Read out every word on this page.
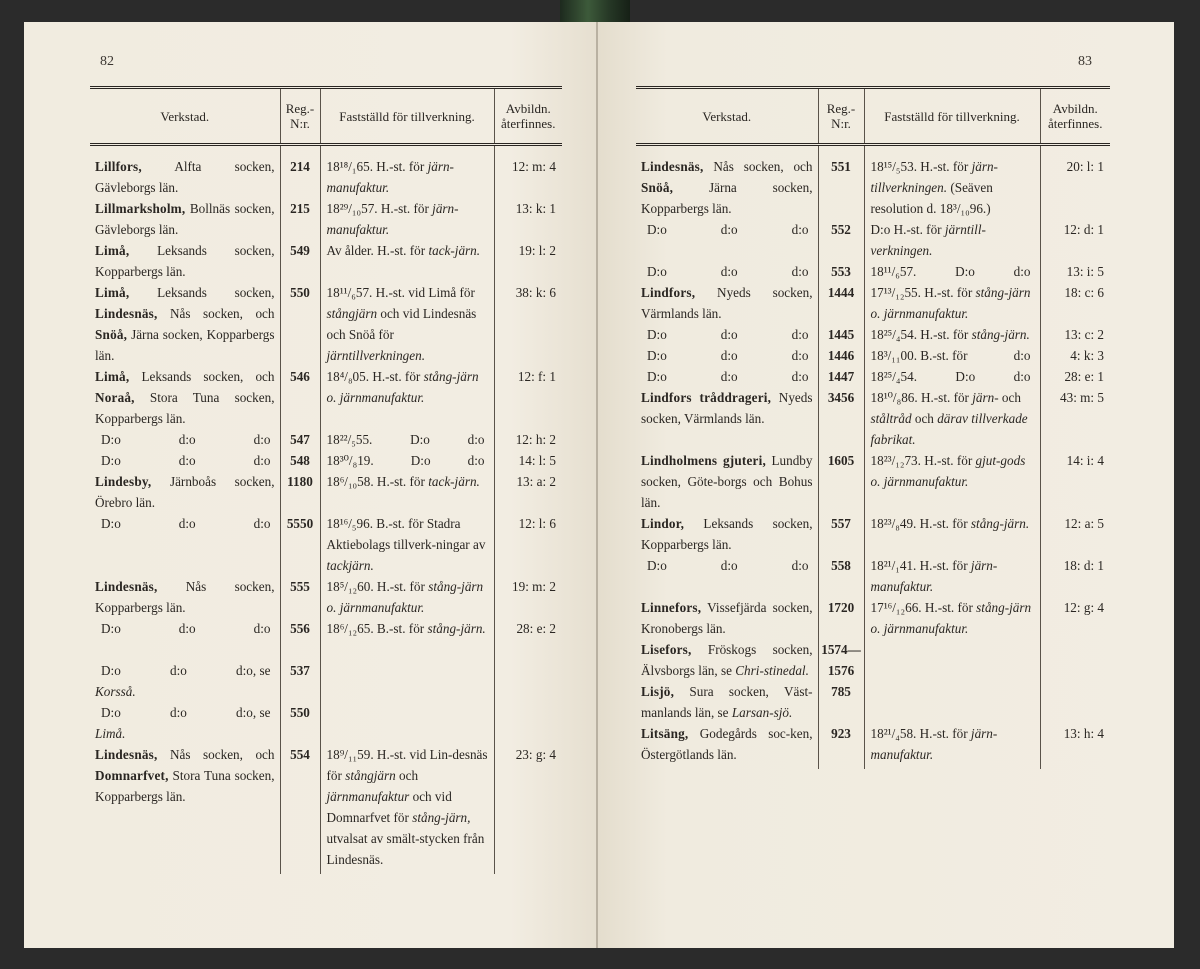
82
Verkstad.	Reg.-N:r.	Fastställd för tillverkning.	Avbildn. återfinnes.
Lillfors, Alfta socken, Gävleborgs län.	214	18¹⁸/₁65. H.-st. för järn-manufaktur.	12: m: 4
Lillmarksholm, Bollnäs socken, Gävleborgs län.	215	18²⁹/₁₀57. H.-st. för järn-manufaktur.	13: k: 1
Limå, Leksands socken, Kopparbergs län.	549	Av ålder. H.-st. för tack-järn.	19: l: 2
Limå, Leksands socken, Lindesnäs, Nås socken, och Snöå, Järna socken, Kopparbergs län.	550	18¹¹/₆57. H.-st. vid Limå för stångjärn och vid Lindesnäs och Snöå för järntillverkningen.	38: k: 6
Limå, Leksands socken, och Noraå, Stora Tuna socken, Kopparbergs län.	546	18⁴/₈05. H.-st. för stång-järn o. järnmanufaktur.	12: f: 1

D:o d:o d:o	547	18²²/₅55. D:o d:o	12: h: 2

D:o d:o d:o	548	18³⁰/₈19. D:o d:o	14: l: 5
Lindesby, Järnboås socken, Örebro län.	1180	18⁶/₁₀58. H.-st. för tack-järn.	13: a: 2

D:o d:o d:o	5550	18¹⁶/₅96. B.-st. för Stadra Aktiebolags tillverk-ningar av tackjärn.	12: l: 6
Lindesnäs, Nås socken, Kopparbergs län.	555	18⁵/₁₂60. H.-st. för stång-järn o. järnmanufaktur.	19: m: 2

D:o d:o d:o	556	18⁶/₁₂65. B.-st. för stång-järn.	28: e: 2

D:o d:o d:o, se
Korsså.	537		

D:o d:o d:o, se
Limå.	550		
Lindesnäs, Nås socken, och Domnarfvet, Stora Tuna socken, Kopparbergs län.	554	18⁹/₁₁59. H.-st. vid Lin-desnäs för stångjärn och järnmanufaktur och vid Domnarfvet för stång-järn, utvalsat av smält-stycken från Lindesnäs.	23: g: 4
83
Verkstad.	Reg.-N:r.	Fastställd för tillverkning.	Avbildn. återfinnes.
Lindesnäs, Nås socken, och Snöå, Järna socken, Kopparbergs län.	551	18¹⁵/₅53. H.-st. för järn-tillverkningen. (Seäven resolution d. 18³/₁₀96.)	20: l: 1

D:o d:o d:o	552	D:o H.-st. för järntill-verkningen.	12: d: 1

D:o d:o d:o	553	18¹¹/₆57. D:o d:o	13: i: 5
Lindfors, Nyeds socken, Värmlands län.	1444	17¹³/₁₂55. H.-st. för stång-järn o. järnmanufaktur.	18: c: 6

D:o d:o d:o	1445	18²⁵/₄54. H.-st. för stång-järn.	13: c: 2

D:o d:o d:o	1446	18³/₁₁00. B.-st. för d:o	4: k: 3

D:o d:o d:o	1447	18²⁵/₄54. D:o d:o	28: e: 1
Lindfors tråddrageri, Nyeds socken, Värmlands län.	3456	18¹⁰/₈86. H.-st. för järn- och ståltråd och därav tillverkade fabrikat.	43: m: 5
Lindholmens gjuteri, Lundby socken, Göte-borgs och Bohus län.	1605	18²³/₁₂73. H.-st. för gjut-gods o. järnmanufaktur.	14: i: 4
Lindor, Leksands socken, Kopparbergs län.	557	18²³/₈49. H.-st. för stång-järn.	12: a: 5

D:o d:o d:o	558	18²¹/₁41. H.-st. för järn-manufaktur.	18: d: 1
Linnefors, Vissefjärda socken, Kronobergs län.	1720	17¹⁶/₁₂66. H.-st. för stång-järn o. järnmanufaktur.	12: g: 4
Lisefors, Fröskogs socken, Älvsborgs län, se Chri-stinedal.	1574—1576		
Lisjö, Sura socken, Väst-manlands län, se Larsan-sjö.	785		
Litsäng, Godegårds soc-ken, Östergötlands län.	923	18²¹/₄58. H.-st. för järn-manufaktur.	13: h: 4
